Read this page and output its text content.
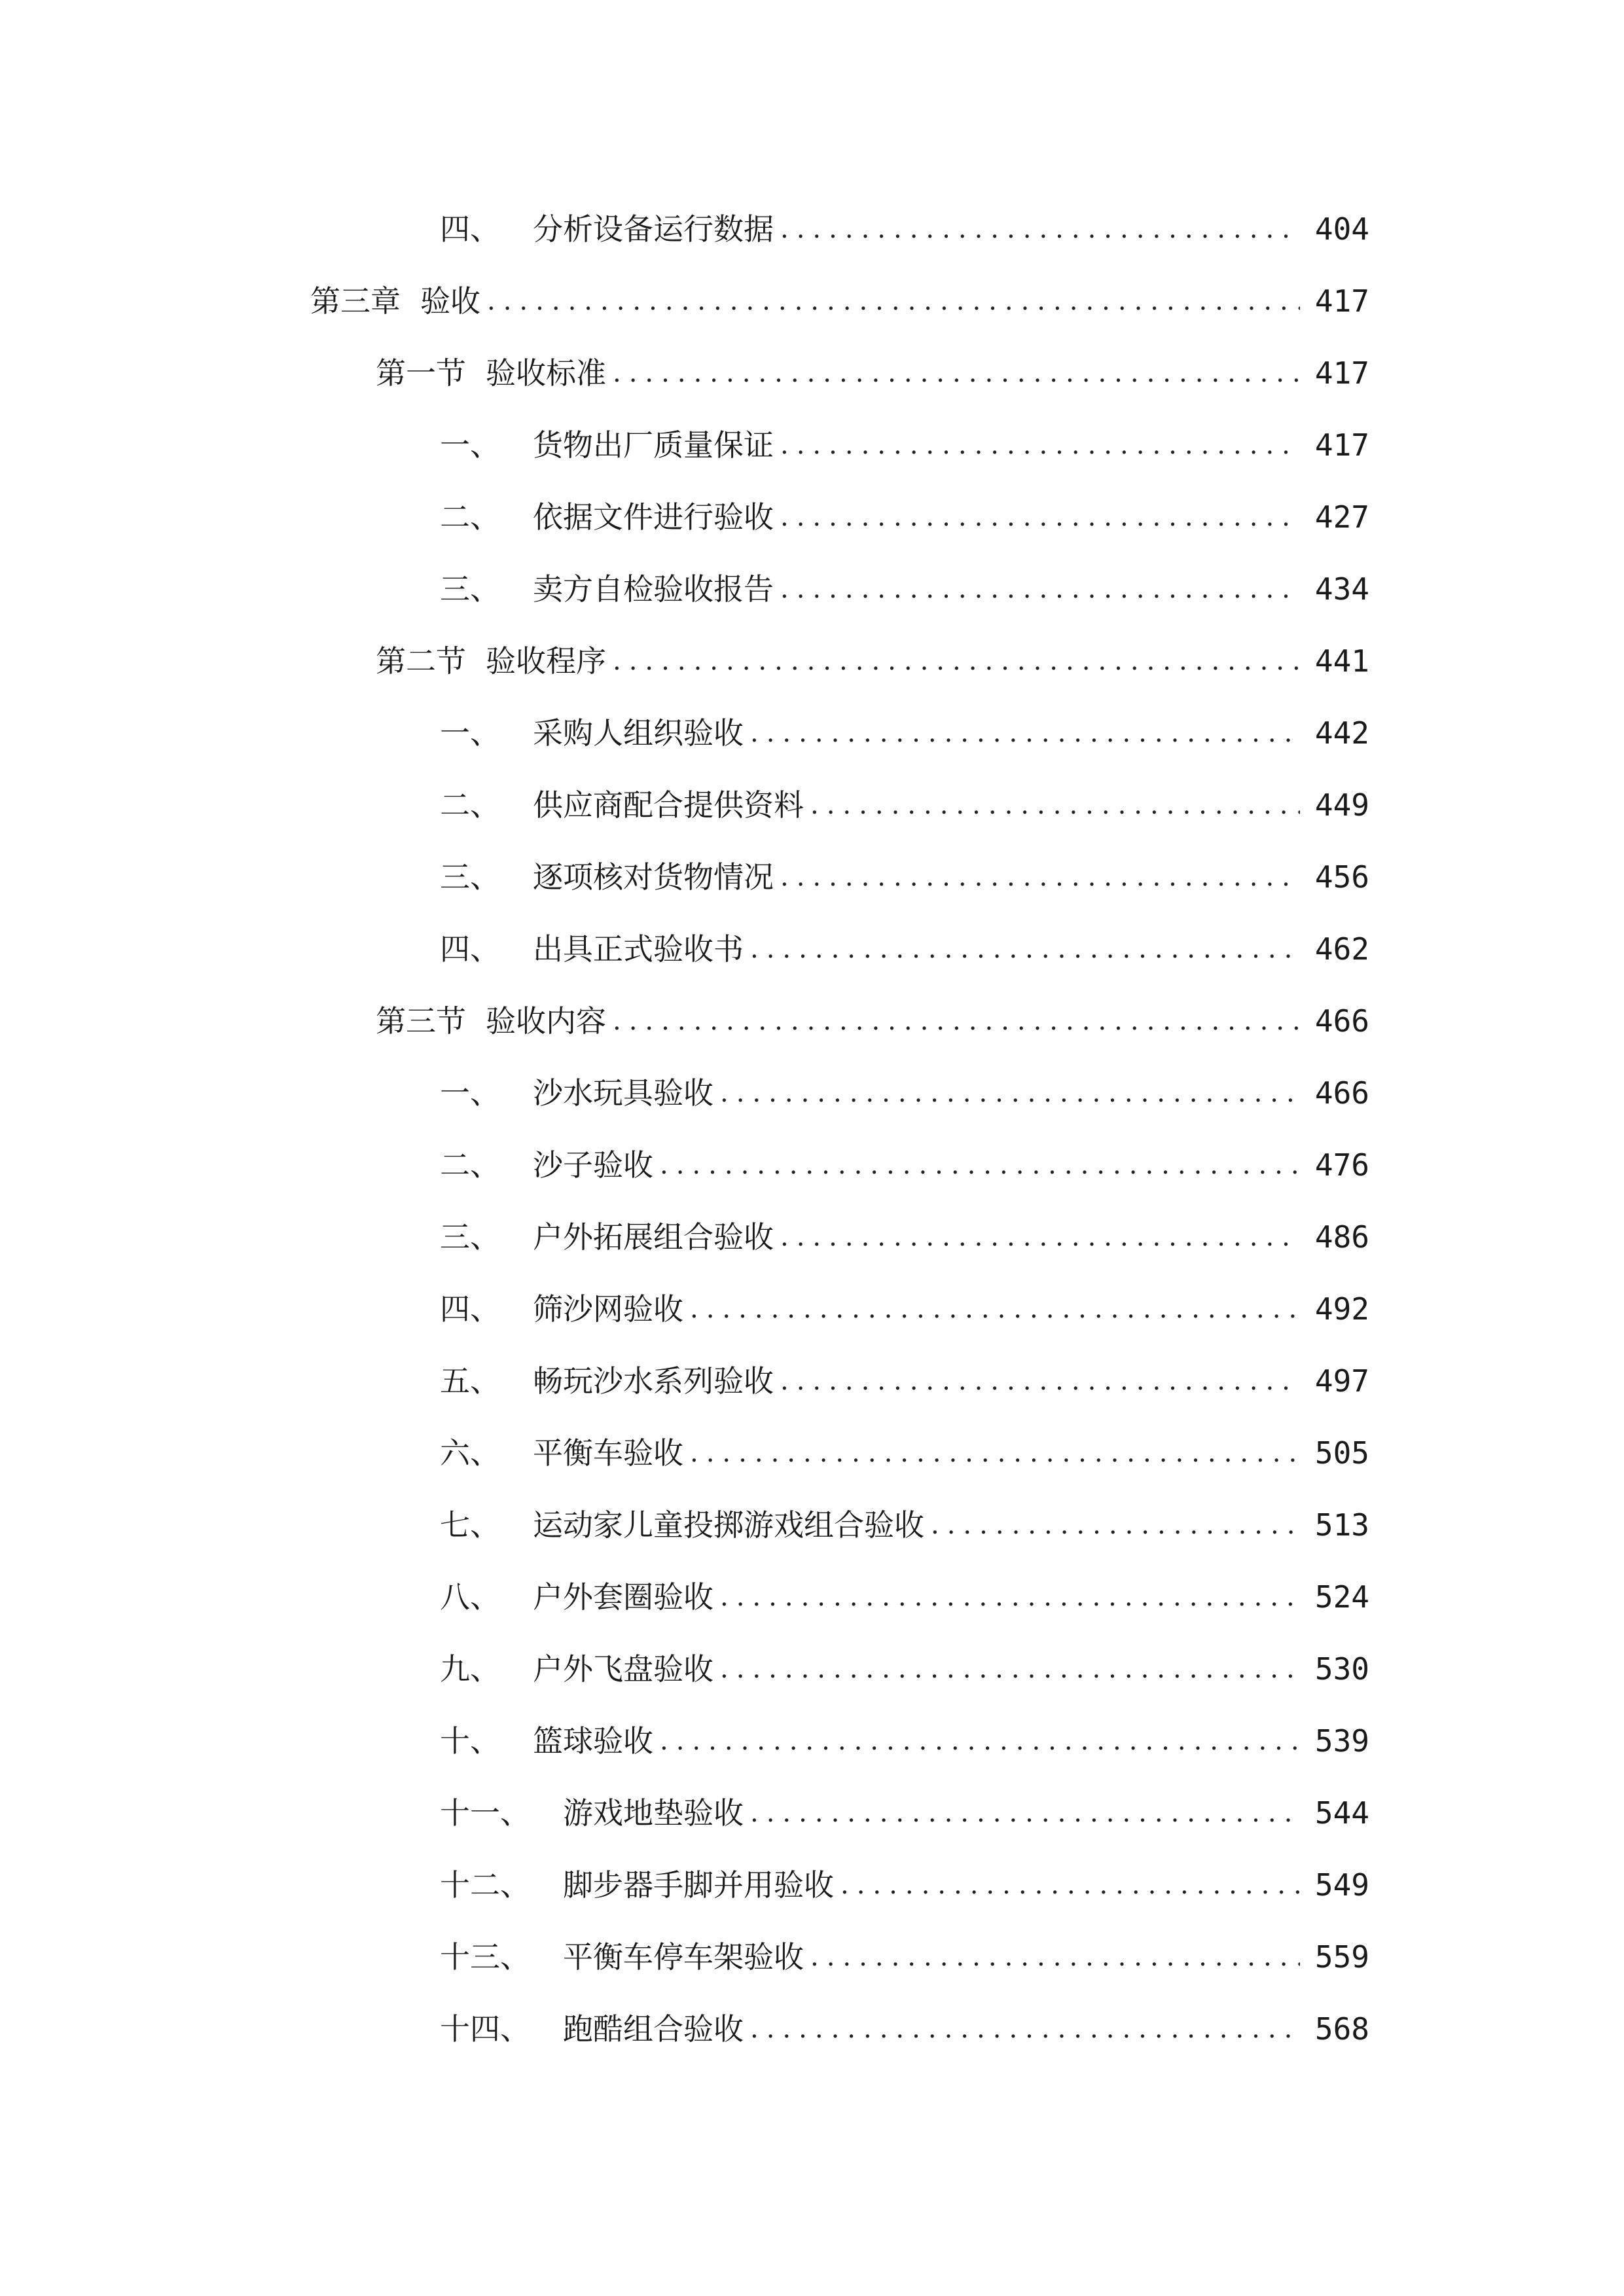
四、 分析设备运行数据 .....	404
第三章 验收 .....	417
第一节 验收标准 .....	417
一、 货物出厂质量保证 .....	417
二、 依据文件进行验收 .....	427
三、 卖方自检验收报告 .....	434
第二节 验收程序 .....	441
一、 采购人组织验收 .....	442
二、 供应商配合提供资料 .....	449
三、 逐项核对货物情况 .....	456
四、 出具正式验收书 .....	462
第三节 验收内容 .....	466
一、 沙水玩具验收 .....	466
二、 沙子验收 .....	476
三、 户外拓展组合验收 .....	486
四、 筛沙网验收 .....	492
五、 畅玩沙水系列验收 .....	497
六、 平衡车验收 .....	505
七、 运动家儿童投掷游戏组合验收 .....	513
八、 户外套圈验收 .....	524
九、 户外飞盘验收 .....	530
十、 篮球验收 .....	539
十一、 游戏地垫验收 .....	544
十二、 脚步器手脚并用验收 .....	549
十三、 平衡车停车架验收 .....	559
十四、 跑酷组合验收 .....	568
